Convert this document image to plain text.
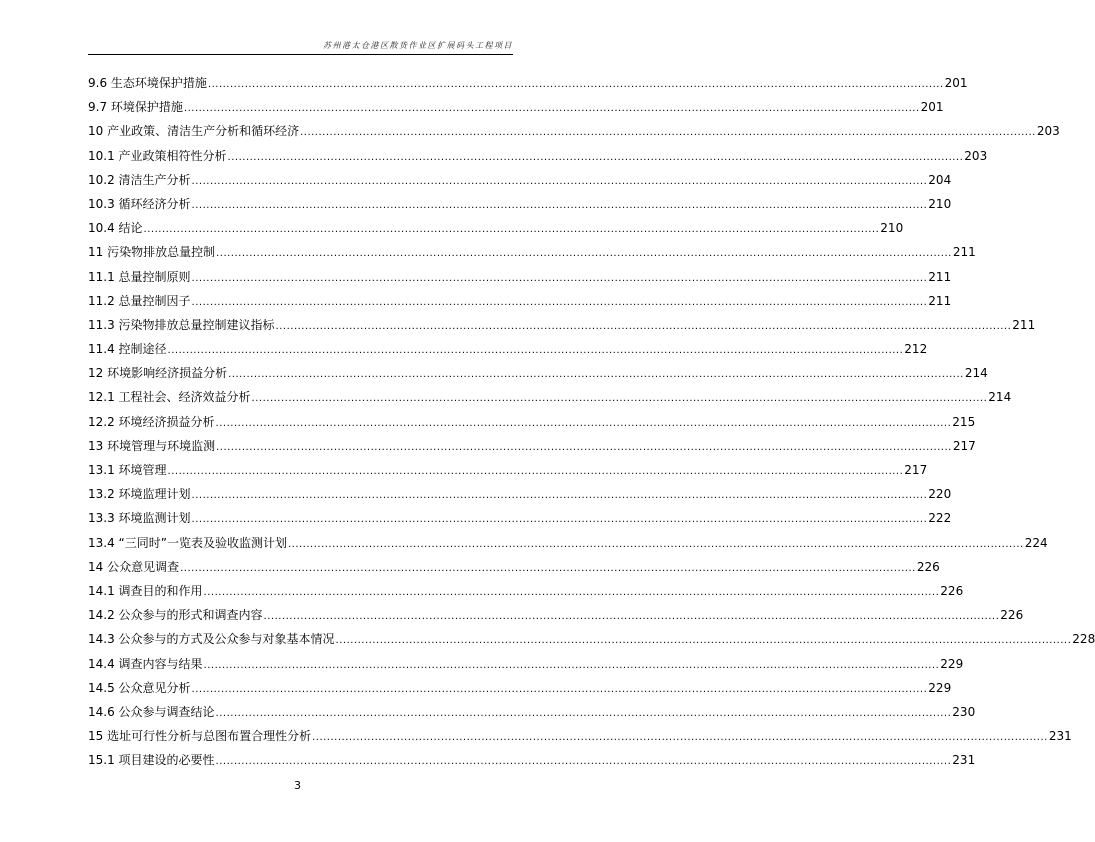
苏州港太仓港区散货作业区扩展码头工程项目
9.6 生态环境保护措施 ........................................................................................................................................................................................................ 201
9.7 环境保护措施 ........................................................................................................................................................................................................ 201
10 产业政策、清洁生产分析和循环经济 ........................................................................................................................................................................................................ 203
10.1 产业政策相符性分析 ........................................................................................................................................................................................................ 203
10.2 清洁生产分析 ........................................................................................................................................................................................................ 204
10.3 循环经济分析 ........................................................................................................................................................................................................ 210
10.4 结论 ........................................................................................................................................................................................................ 210
11 污染物排放总量控制 ........................................................................................................................................................................................................ 211
11.1 总量控制原则 ........................................................................................................................................................................................................ 211
11.2 总量控制因子 ........................................................................................................................................................................................................ 211
11.3 污染物排放总量控制建议指标 ........................................................................................................................................................................................................ 211
11.4 控制途径 ........................................................................................................................................................................................................ 212
12 环境影响经济损益分析 ........................................................................................................................................................................................................ 214
12.1 工程社会、经济效益分析 ........................................................................................................................................................................................................ 214
12.2 环境经济损益分析 ........................................................................................................................................................................................................ 215
13 环境管理与环境监测 ........................................................................................................................................................................................................ 217
13.1 环境管理 ........................................................................................................................................................................................................ 217
13.2 环境监理计划 ........................................................................................................................................................................................................ 220
13.3 环境监测计划 ........................................................................................................................................................................................................ 222
13.4 “三同时”一览表及验收监测计划 ........................................................................................................................................................................................................ 224
14 公众意见调查 ........................................................................................................................................................................................................ 226
14.1 调查目的和作用 ........................................................................................................................................................................................................ 226
14.2 公众参与的形式和调查内容 ........................................................................................................................................................................................................ 226
14.3 公众参与的方式及公众参与对象基本情况 ........................................................................................................................................................................................................ 228
14.4 调查内容与结果 ........................................................................................................................................................................................................ 229
14.5 公众意见分析 ........................................................................................................................................................................................................ 229
14.6 公众参与调查结论 ........................................................................................................................................................................................................ 230
15 选址可行性分析与总图布置合理性分析 ........................................................................................................................................................................................................ 231
15.1 项目建设的必要性 ........................................................................................................................................................................................................ 231
3
